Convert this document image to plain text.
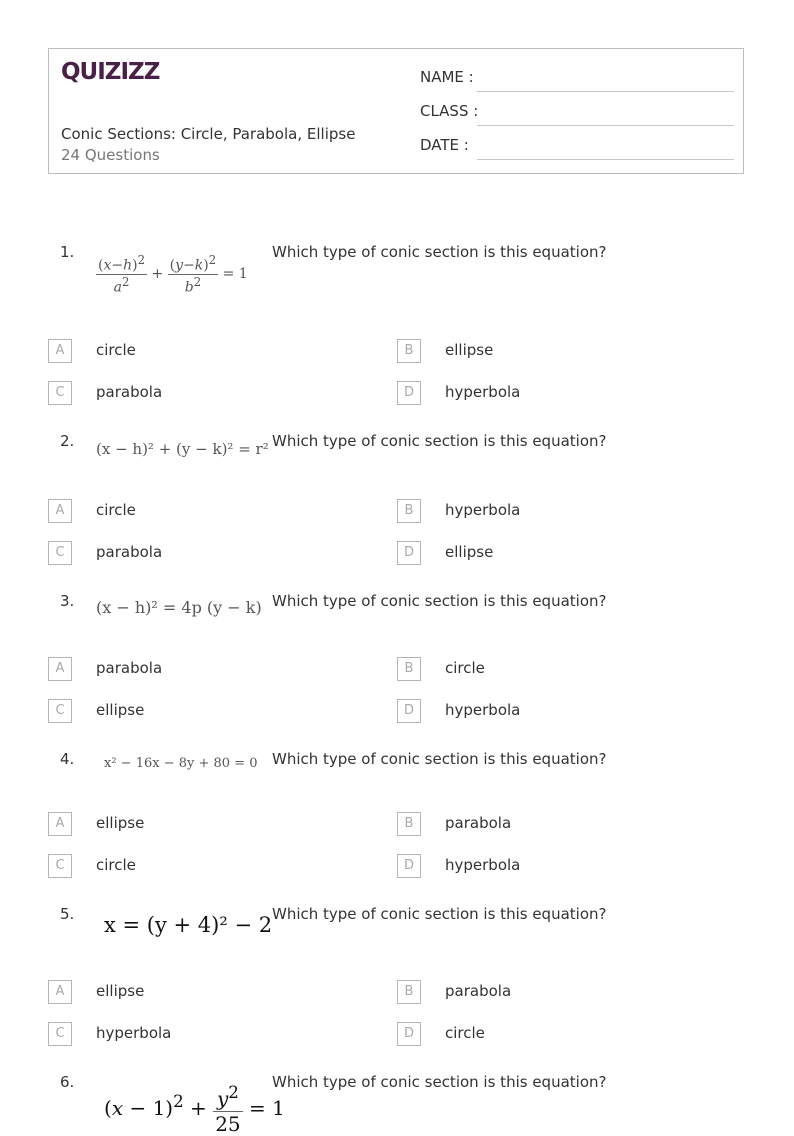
QUIZIZZ
Conic Sections: Circle, Parabola, Ellipse
24 Questions
NAME :
CLASS :
DATE :
1.
$\frac{(x-h)^2}{a^2} + \frac{(y-k)^2}{b^2} = 1$
Which type of conic section is this equation?
A	circle	B	ellipse
C	parabola	D	hyperbola
2. (x − h)² + (y − k)² = r² Which type of conic section is this equation?
A	circle	B	hyperbola
C	parabola	D	ellipse
3. (x − h)² = 4p (y − k) Which type of conic section is this equation?
A	parabola	B	circle
C	ellipse	D	hyperbola
4. x² − 16x − 8y + 80 = 0 Which type of conic section is this equation?
A	ellipse	B	parabola
C	circle	D	hyperbola
5. x = (y + 4)² − 2 Which type of conic section is this equation?
A	ellipse	B	parabola
C	hyperbola	D	circle
6.
$(x - 1)^2 + \frac{y^2}{25} = 1$
Which type of conic section is this equation?
